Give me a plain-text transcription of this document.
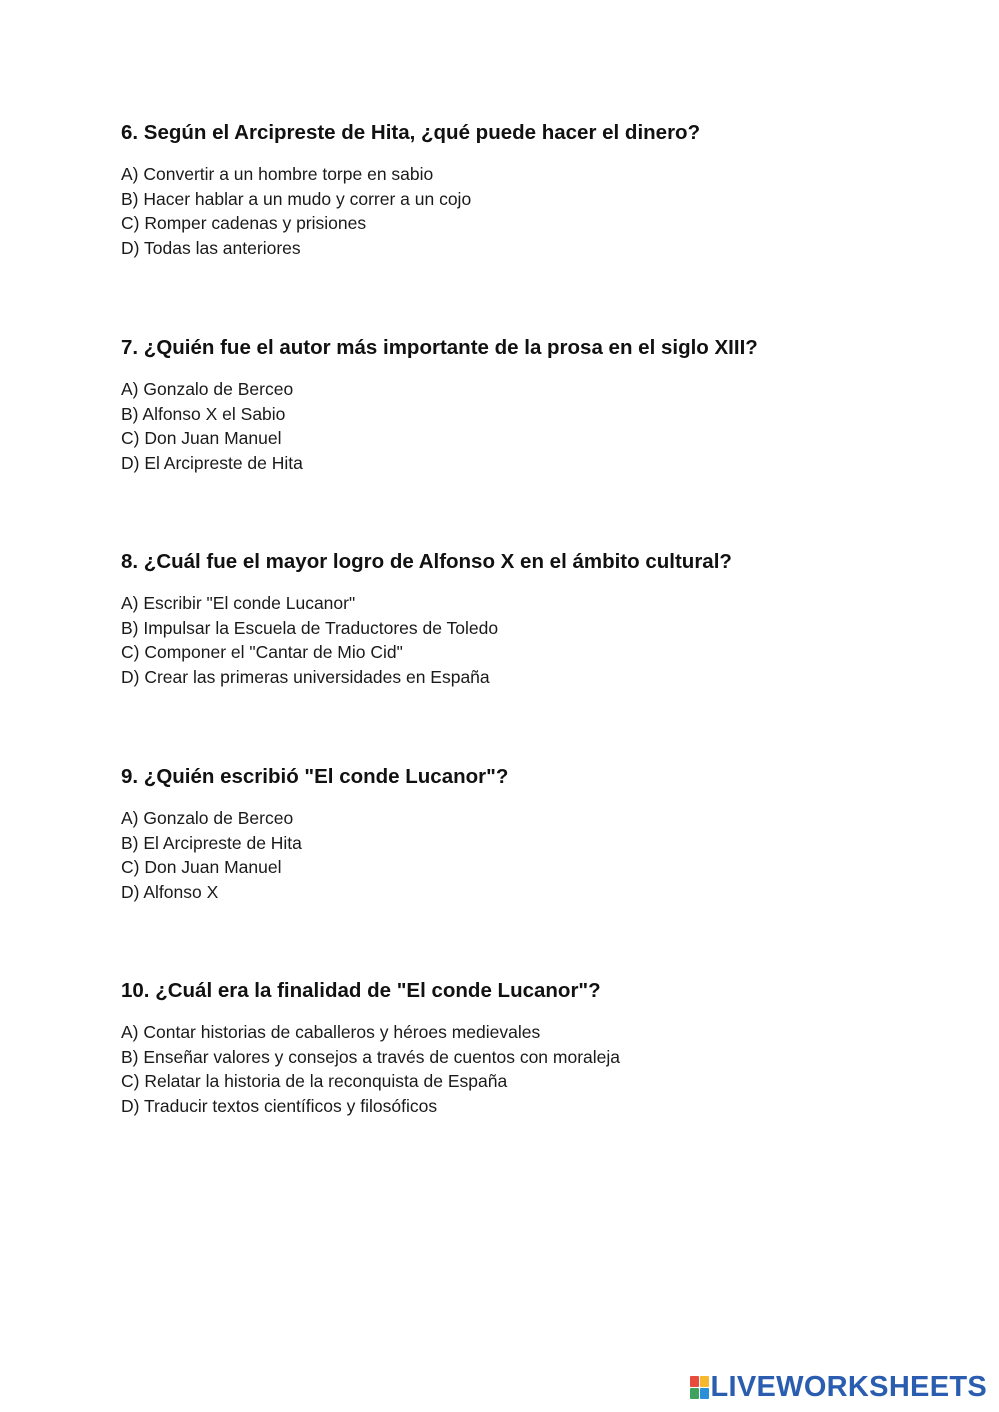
6. Según el Arcipreste de Hita, ¿qué puede hacer el dinero?
A) Convertir a un hombre torpe en sabio
B) Hacer hablar a un mudo y correr a un cojo
C) Romper cadenas y prisiones
D) Todas las anteriores
7. ¿Quién fue el autor más importante de la prosa en el siglo XIII?
A) Gonzalo de Berceo
B) Alfonso X el Sabio
C) Don Juan Manuel
D) El Arcipreste de Hita
8. ¿Cuál fue el mayor logro de Alfonso X en el ámbito cultural?
A) Escribir "El conde Lucanor"
B) Impulsar la Escuela de Traductores de Toledo
C) Componer el "Cantar de Mio Cid"
D) Crear las primeras universidades en España
9. ¿Quién escribió "El conde Lucanor"?
A) Gonzalo de Berceo
B) El Arcipreste de Hita
C) Don Juan Manuel
D) Alfonso X
10. ¿Cuál era la finalidad de "El conde Lucanor"?
A) Contar historias de caballeros y héroes medievales
B) Enseñar valores y consejos a través de cuentos con moraleja
C) Relatar la historia de la reconquista de España
D) Traducir textos científicos y filosóficos
LIVEWORKSHEETS
